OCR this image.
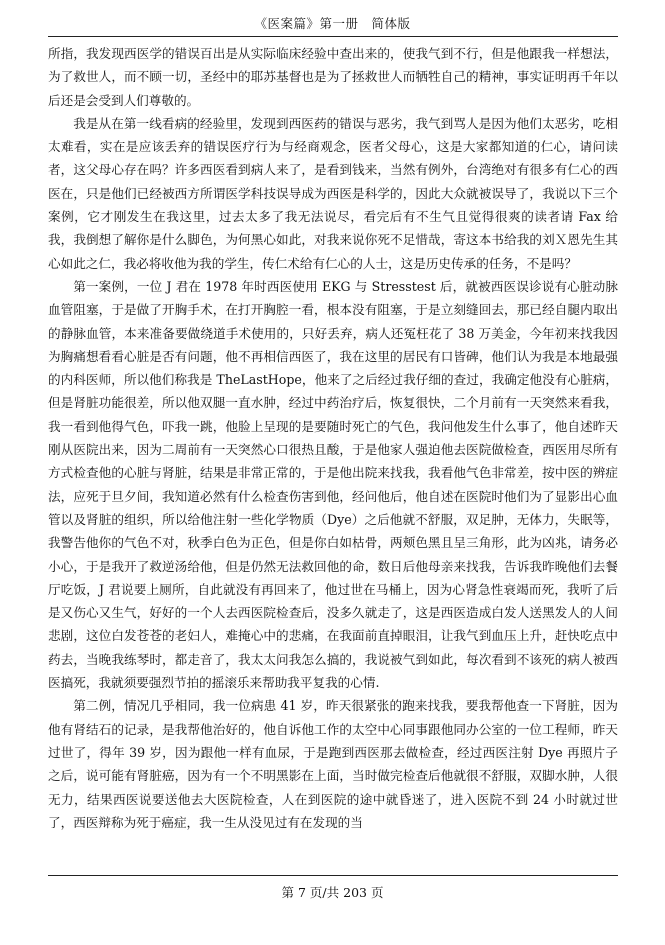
《医案篇》第一册　简体版

所指，我发现西医学的错误百出是从实际临床经验中查出来的，使我气到不行，但是他跟我一样想法，为了救世人，而不顾一切，圣经中的耶苏基督也是为了拯救世人而牺牲自己的精神，事实证明再千年以后还是会受到人们尊敬的。

我是从在第一线看病的经验里，发现到西医药的错误与恶劣，我气到骂人是因为他们太恶劣，吃相太难看，实在是应该丢弃的错误医疗行为与经商观念，医者父母心，这是大家都知道的仁心，请问读者，这父母心存在吗？许多西医看到病人来了，是看到钱来，当然有例外，台湾绝对有很多有仁心的西医在，只是他们已经被西方所谓医学科技误导成为西医是科学的，因此大众就被误导了，我说以下三个案例，它才刚发生在我这里，过去太多了我无法说尽，看完后有不生气且觉得很爽的读者请 Fax 给我，我倒想了解你是什么脚色，为何黑心如此，对我来说你死不足惜哉，寄这本书给我的刘Ｘ恩先生其心如此之仁，我必将收他为我的学生，传仁术给有仁心的人士，这是历史传承的任务，不是吗？

第一案例，一位 J 君在 1978 年时西医使用 EKG 与 Stresstest 后，就被西医误诊说有心脏动脉血管阻塞，于是做了开胸手术，在打开胸腔一看，根本没有阻塞，于是立刻缝回去，那已经自腿内取出的静脉血管，本来准备要做绕道手术使用的，只好丢弃，病人还冤枉花了 38 万美金，今年初来找我因为胸痛想看看心脏是否有问题，他不再相信西医了，我在这里的居民有口皆碑，他们认为我是本地最强的内科医师，所以他们称我是 TheLastHope，他来了之后经过我仔细的查过，我确定他没有心脏病，但是肾脏功能很差，所以他双腿一直水肿，经过中药治疗后，恢复很快，二个月前有一天突然来看我，我一看到他得气色，吓我一跳，他脸上呈现的是要随时死亡的气色，我问他发生什么事了，他自述昨天刚从医院出来，因为二周前有一天突然心口很热且酸，于是他家人强迫他去医院做检查，西医用尽所有方式检查他的心脏与肾脏，结果是非常正常的，于是他出院来找我，我看他气色非常差，按中医的辨症法，应死于旦夕间，我知道必然有什么检查伤害到他，经问他后，他自述在医院时他们为了显影出心血管以及肾脏的组织，所以给他注射一些化学物质（Dye）之后他就不舒服，双足肿，无体力，失眠等，我警告他你的气色不对，秋季白色为正色，但是你白如枯骨，两颊色黑且呈三角形，此为凶兆，请务必小心，于是我开了救逆汤给他，但是仍然无法救回他的命，数日后他母亲来找我，告诉我昨晚他们去餐厅吃饭，J 君说要上厕所，自此就没有再回来了，他过世在马桶上，因为心肾急性衰竭而死，我听了后是又伤心又生气，好好的一个人去西医院检查后，没多久就走了，这是西医造成白发人送黑发人的人间悲剧，这位白发苍苍的老妇人，难掩心中的悲痛，在我面前直掉眼泪，让我气到血压上升，赶快吃点中药去，当晚我练琴时，都走音了，我太太问我怎么搞的，我说被气到如此，每次看到不该死的病人被西医搞死，我就须要强烈节拍的摇滚乐来帮助我平复我的心情.

第二例，情况几乎相同，我一位病患 41 岁，昨天很紧张的跑来找我，要我帮他查一下肾脏，因为他有肾结石的记录，是我帮他治好的，他自诉他工作的太空中心同事跟他同办公室的一位工程师，昨天过世了，得年 39 岁，因为跟他一样有血尿，于是跑到西医那去做检查，经过西医注射 Dye 再照片子之后，说可能有肾脏癌，因为有一个不明黑影在上面，当时做完检查后他就很不舒服，双脚水肿，人很无力，结果西医说要送他去大医院检查，人在到医院的途中就昏迷了，进入医院不到 24 小时就过世了，西医辩称为死于癌症，我一生从没见过有在发现的当

第 7 页/共 203 页
